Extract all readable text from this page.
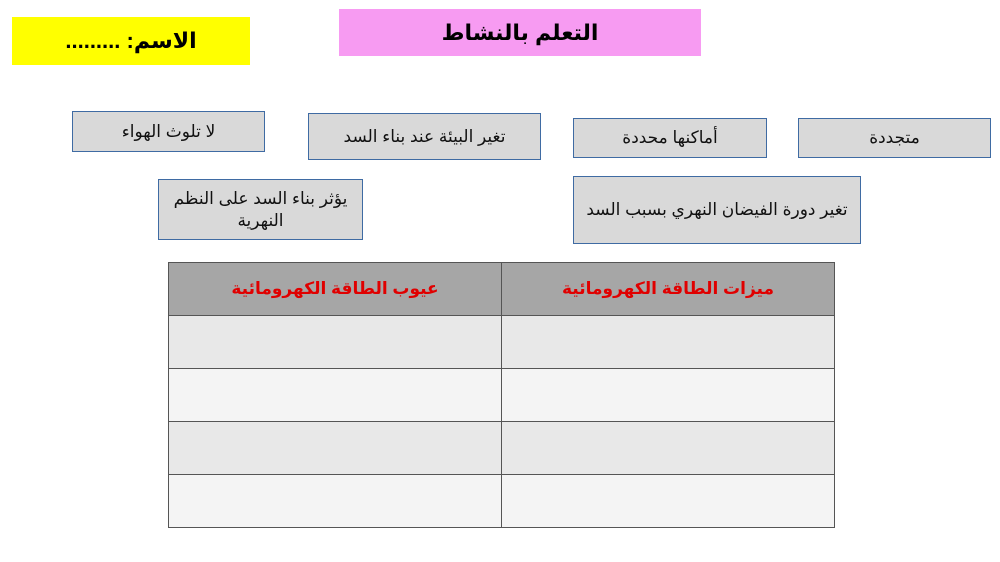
الاسم: .........	التعلم بالنشاط
لا تلوث الهواء	تغير البيئة عند بناء السد	أماكنها محددة	متجددة
يؤثر بناء السد على النظم النهرية
تغير دورة الفيضان النهري بسبب السد
عيوب الطاقة الكهرومائية	ميزات الطاقة الكهرومائية
